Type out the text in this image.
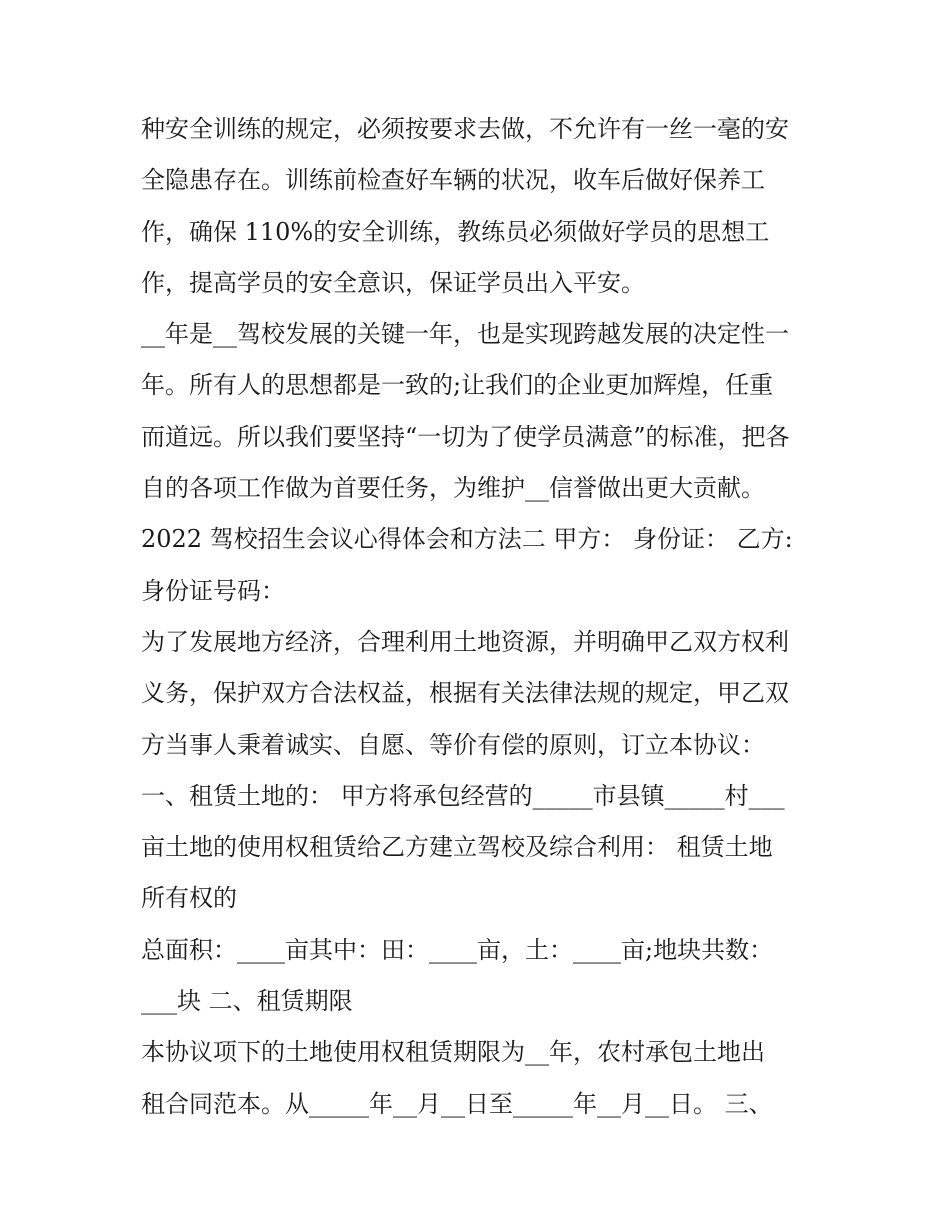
种安全训练的规定，必须按要求去做，不允许有一丝一毫的安

全隐患存在。训练前检查好车辆的状况，收车后做好保养工

作，确保 110%的安全训练，教练员必须做好学员的思想工

作，提高学员的安全意识，保证学员出入平安。

__年是__驾校发展的关键一年，也是实现跨越发展的决定性一

年。所有人的思想都是一致的;让我们的企业更加辉煌，任重

而道远。所以我们要坚持“一切为了使学员满意”的标准，把各

自的各项工作做为首要任务，为维护__信誉做出更大贡献。

2022 驾校招生会议心得体会和方法二 甲方： 身份证： 乙方:

身份证号码：

为了发展地方经济，合理利用土地资源，并明确甲乙双方权利

义务，保护双方合法权益，根据有关法律法规的规定，甲乙双

方当事人秉着诚实、自愿、等价有偿的原则，订立本协议：

一、租赁土地的： 甲方将承包经营的_____市县镇_____村___

亩土地的使用权租赁给乙方建立驾校及综合利用： 租赁土地

所有权的

总面积：____亩其中：田：____亩，土：____亩;地块共数：

___块 二、租赁期限

本协议项下的土地使用权租赁期限为__年，农村承包土地出

租合同范本。从_____年__月__日至_____年__月__日。 三、
